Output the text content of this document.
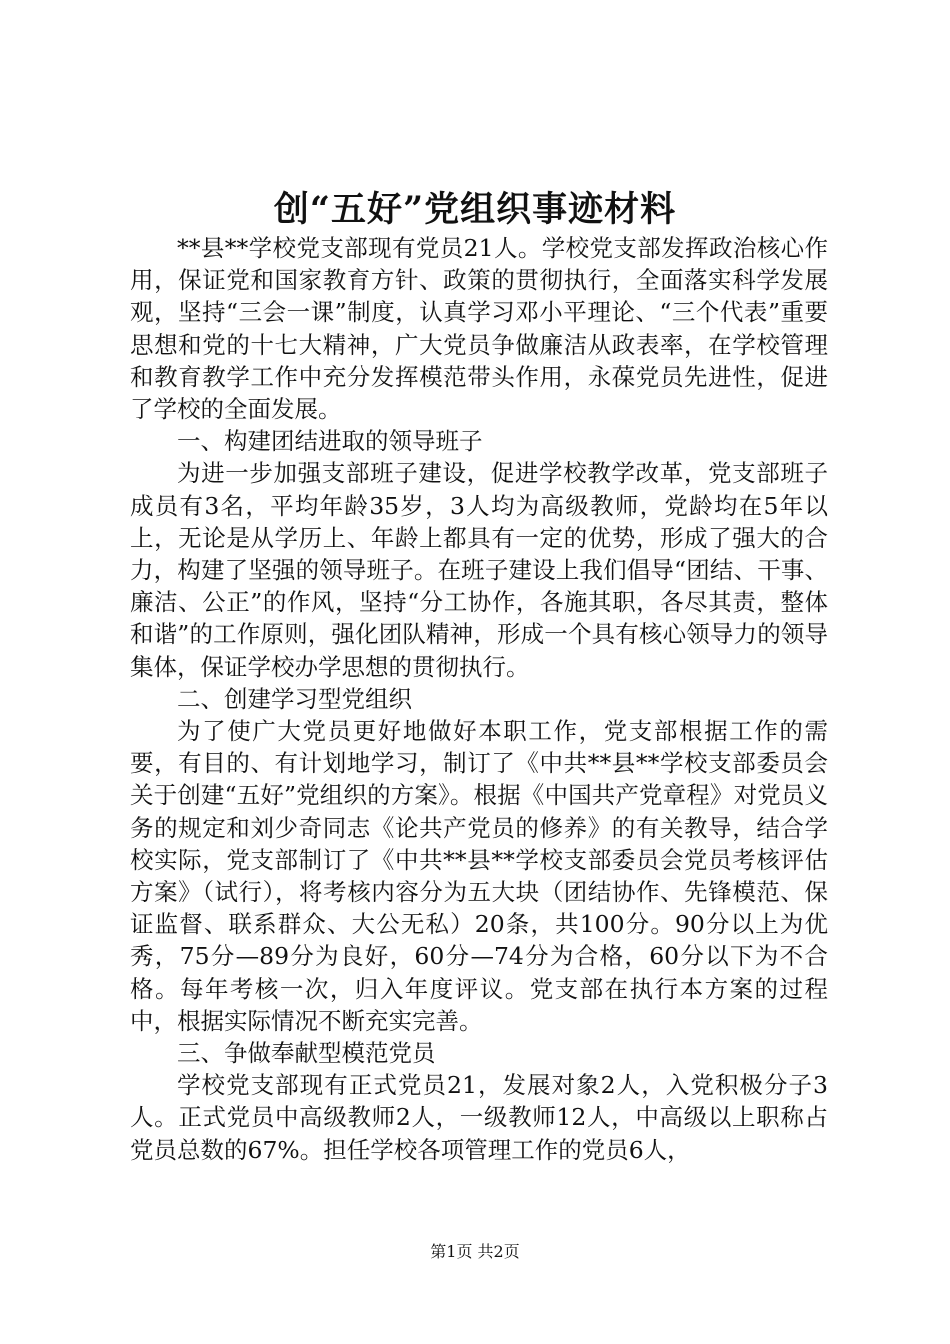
创“五好”党组织事迹材料

**县**学校党支部现有党员21人。学校党支部发挥政治核心作用，保证党和国家教育方针、政策的贯彻执行，全面落实科学发展观，坚持“三会一课”制度，认真学习邓小平理论、“三个代表”重要思想和党的十七大精神，广大党员争做廉洁从政表率，在学校管理和教育教学工作中充分发挥模范带头作用，永葆党员先进性，促进了学校的全面发展。

一、构建团结进取的领导班子

为进一步加强支部班子建设，促进学校教学改革，党支部班子成员有3名，平均年龄35岁，3人均为高级教师，党龄均在5年以上，无论是从学历上、年龄上都具有一定的优势，形成了强大的合力，构建了坚强的领导班子。在班子建设上我们倡导“团结、干事、廉洁、公正”的作风，坚持“分工协作，各施其职，各尽其责，整体和谐”的工作原则，强化团队精神，形成一个具有核心领导力的领导集体，保证学校办学思想的贯彻执行。

二、创建学习型党组织

为了使广大党员更好地做好本职工作，党支部根据工作的需要，有目的、有计划地学习，制订了《中共**县**学校支部委员会关于创建“五好”党组织的方案》。根据《中国共产党章程》对党员义务的规定和刘少奇同志《论共产党员的修养》的有关教导，结合学校实际，党支部制订了《中共**县**学校支部委员会党员考核评估方案》（试行），将考核内容分为五大块（团结协作、先锋模范、保证监督、联系群众、大公无私）20条，共100分。90分以上为优秀，75分—89分为良好，60分—74分为合格，60分以下为不合格。每年考核一次，归入年度评议。党支部在执行本方案的过程中，根据实际情况不断充实完善。

三、争做奉献型模范党员

学校党支部现有正式党员21，发展对象2人，入党积极分子3人。正式党员中高级教师2人，一级教师12人，中高级以上职称占党员总数的67%。担任学校各项管理工作的党员6人，

第1页 共2页
